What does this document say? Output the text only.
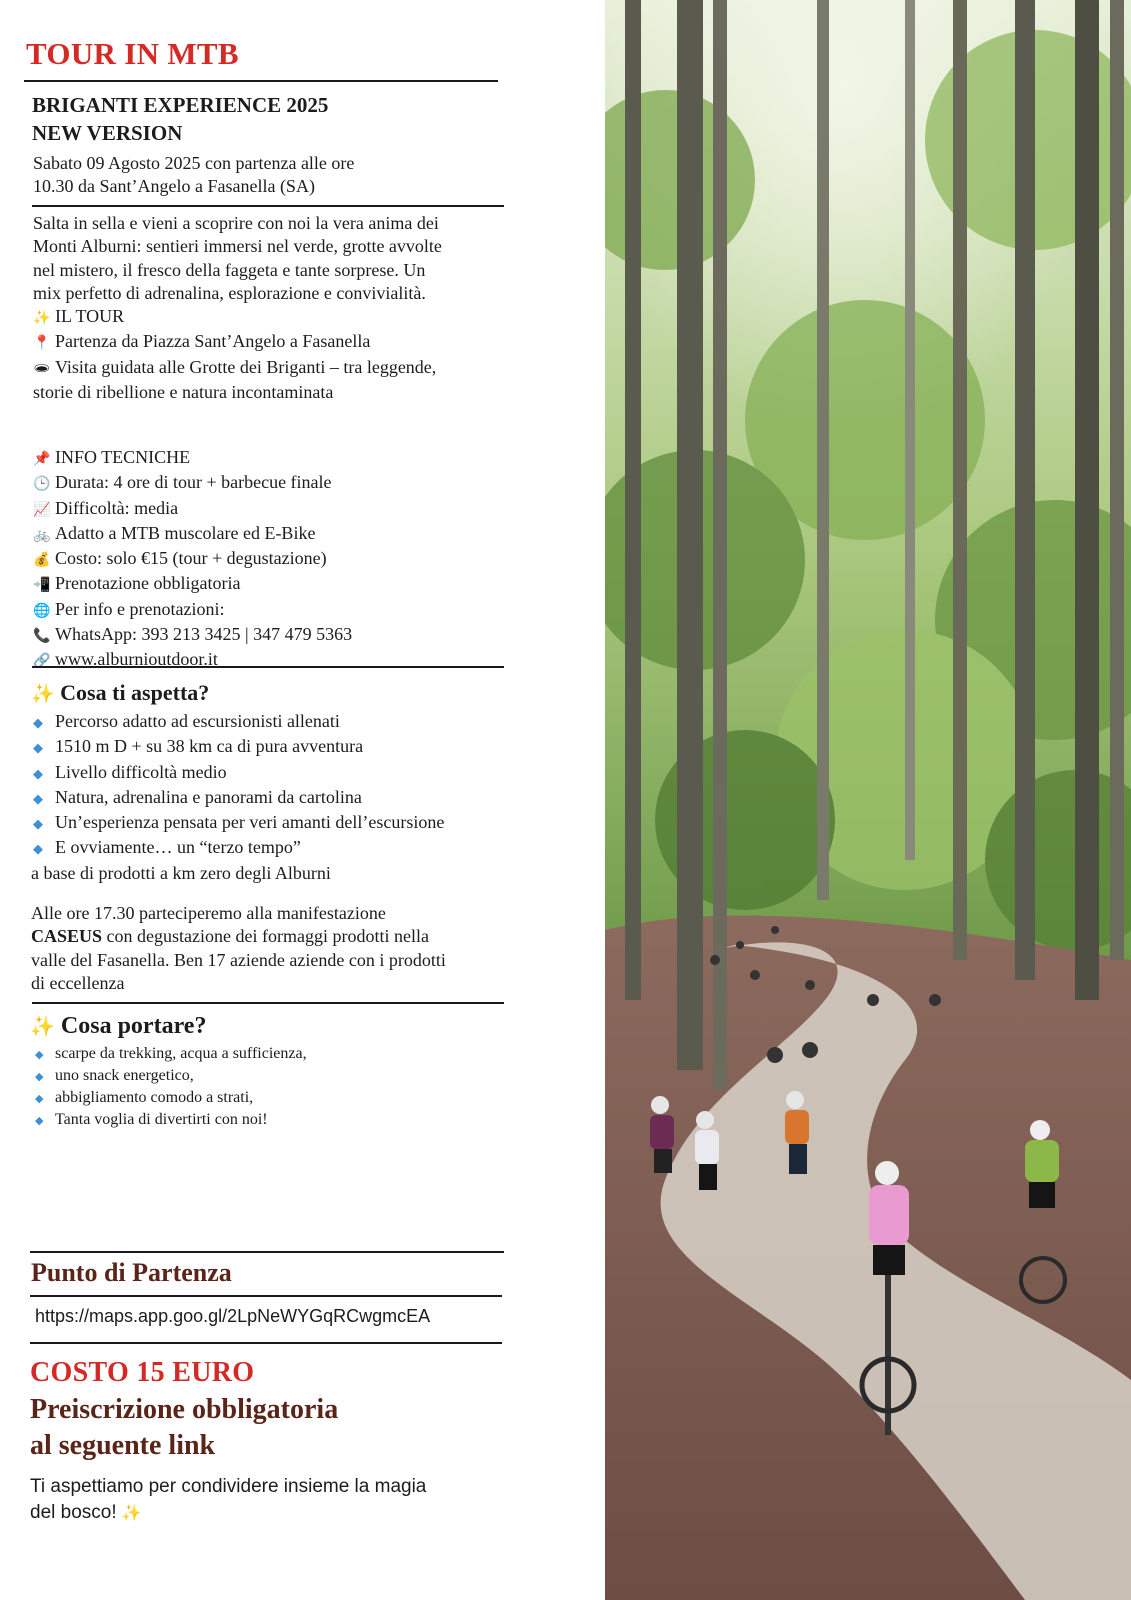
TOUR IN MTB
BRIGANTI EXPERIENCE 2025
NEW VERSION
Sabato 09 Agosto 2025 con partenza alle ore
10.30 da Sant’Angelo a Fasanella (SA)
Salta in sella e vieni a scoprire con noi la vera anima dei
Monti Alburni: sentieri immersi nel verde, grotte avvolte
nel mistero, il fresco della faggeta e tante sorprese. Un
mix perfetto di adrenalina, esplorazione e convivialità.
✨ IL TOUR
📍 Partenza da Piazza Sant’Angelo a Fasanella
🕳 Visita guidata alle Grotte dei Briganti – tra leggende,
storie di ribellione e natura incontaminata
📌 INFO TECNICHE
🕒 Durata: 4 ore di tour + barbecue finale
📈 Difficoltà: media
🚲 Adatto a MTB muscolare ed E-Bike
💰 Costo: solo €15 (tour + degustazione)
📲 Prenotazione obbligatoria
🌐 Per info e prenotazioni:
📞 WhatsApp: 393 213 3425 | 347 479 5363
🔗 www.alburnioutdoor.it
✨ Cosa ti aspetta?
◆ Percorso adatto ad escursionisti allenati
◆ 1510 m D + su 38 km ca di pura avventura
◆ Livello difficoltà medio
◆ Natura, adrenalina e panorami da cartolina
◆ Un’esperienza pensata per veri amanti dell’escursione
◆ E ovviamente… un “terzo tempo”
a base di prodotti a km zero degli Alburni
Alle ore 17.30 parteciperemo alla manifestazione
CASEUS con degustazione dei formaggi prodotti nella
valle del Fasanella. Ben 17 aziende aziende con i prodotti
di eccellenza
✨ Cosa portare?
◆ scarpe da trekking, acqua a sufficienza,
◆ uno snack energetico,
◆ abbigliamento comodo a strati,
◆ Tanta voglia di divertirti con noi!
Punto di Partenza
https://maps.app.goo.gl/2LpNeWYGqRCwgmcEA
COSTO 15 EURO
Preiscrizione obbligatoria
al seguente link
Ti aspettiamo per condividere insieme la magia
del bosco! ✨
